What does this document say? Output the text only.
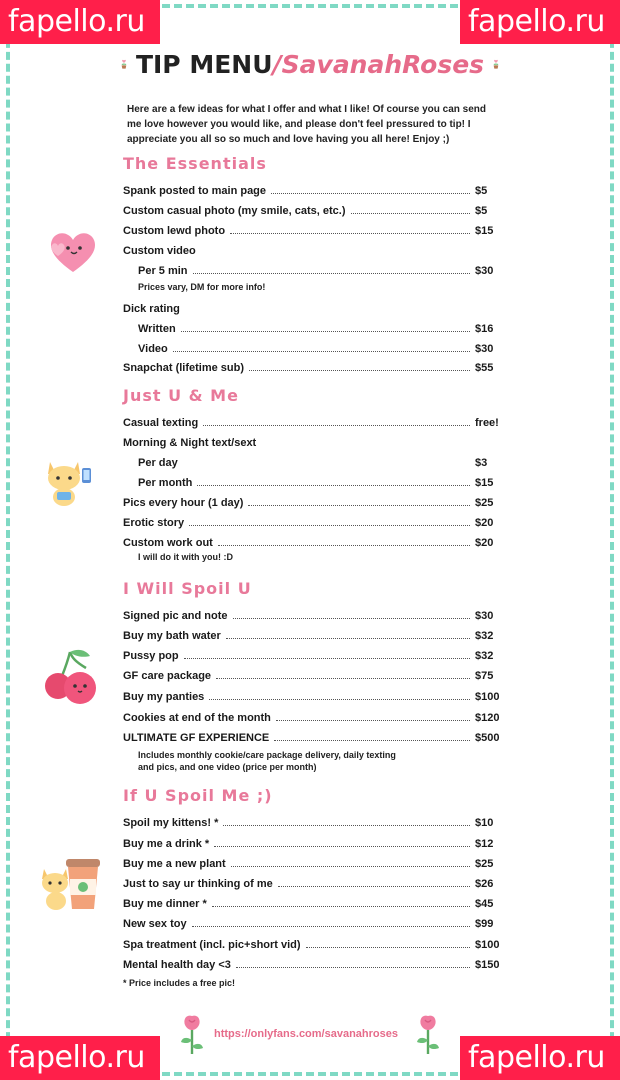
TIP MENU/SavanahRoses
Here are a few ideas for what I offer and what I like! Of course you can send me love however you would like, and please don't feel pressured to tip! I appreciate you all so so much and love having you all here! Enjoy ;)
The Essentials
Spank posted to main page	$5
Custom casual photo (my smile, cats, etc.)	$5
Custom lewd photo	$15
Custom video
Per 5 min	$30
Prices vary, DM for more info!
Dick rating
Written	$16
Video	$30
Snapchat (lifetime sub)	$55
Just U & Me
Casual texting	free!
Morning & Night text/sext
Per day	$3
Per month	$15
Pics every hour (1 day)	$25
Erotic story	$20
Custom work out	$20
I will do it with you! :D
I Will Spoil U
Signed pic and note	$30
Buy my bath water	$32
Pussy pop	$32
GF care package	$75
Buy my panties	$100
Cookies at end of the month	$120
ULTIMATE GF EXPERIENCE	$500
Includes monthly cookie/care package delivery, daily texting
and pics, and one video (price per month)
If U Spoil Me ;)
Spoil my kittens! *	$10
Buy me a drink *	$12
Buy me a new plant	$25
Just to say ur thinking of me	$26
Buy me dinner *	$45
New sex toy	$99
Spa treatment (incl. pic+short vid)	$100
Mental health day <3	$150
* Price includes a free pic!
https://onlyfans.com/savanahroses
fapello.ru	fapello.ru
fapello.ru	fapello.ru
